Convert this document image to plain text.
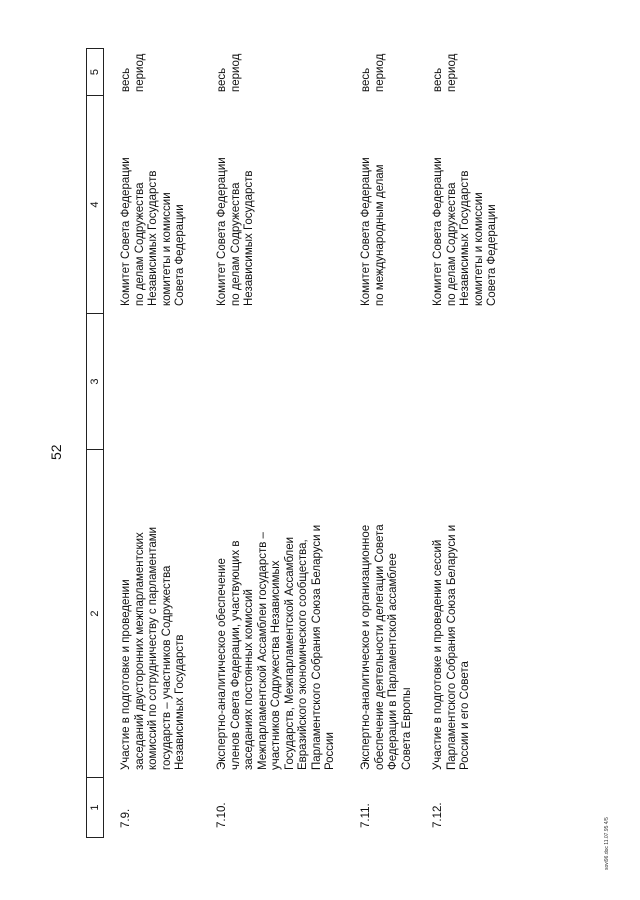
52
1
2
3
4
5
7.9.
Участие в подготовке и проведении заседаний двусторонних межпарламентских комиссий по сотрудничеству с парламентами государств – участников Содружества Независимых Государств
Комитет Совета Федерации по делам Содружества Независимых Государств комитеты и комиссии Совета Федерации
весь период
7.10.
Экспертно-аналитическое обеспечение членов Совета Федерации, участвующих в заседаниях постоянных комиссий Межпарламентской Ассамблеи государств – участников Содружества Независимых Государств, Межпарламентской Ассамблеи Евразийского экономического сообщества, Парламентского Собрания Союза Беларуси и России
Комитет Совета Федерации по делам Содружества Независимых Государств
весь период
7.11.
Экспертно-аналитическое и организационное обеспечение деятельности делегации Совета Федерации в Парламентской ассамблее Совета Европы
Комитет Совета Федерации по международным делам
весь период
7.12.
Участие в подготовке и проведении сессий Парламентского Собрания Союза Беларуси и России и его Совета
Комитет Совета Федерации по делам Содружества Независимых Государств комитеты и комиссии Совета Федерации
весь период
sovi96.doc 11.07.95 4/5
